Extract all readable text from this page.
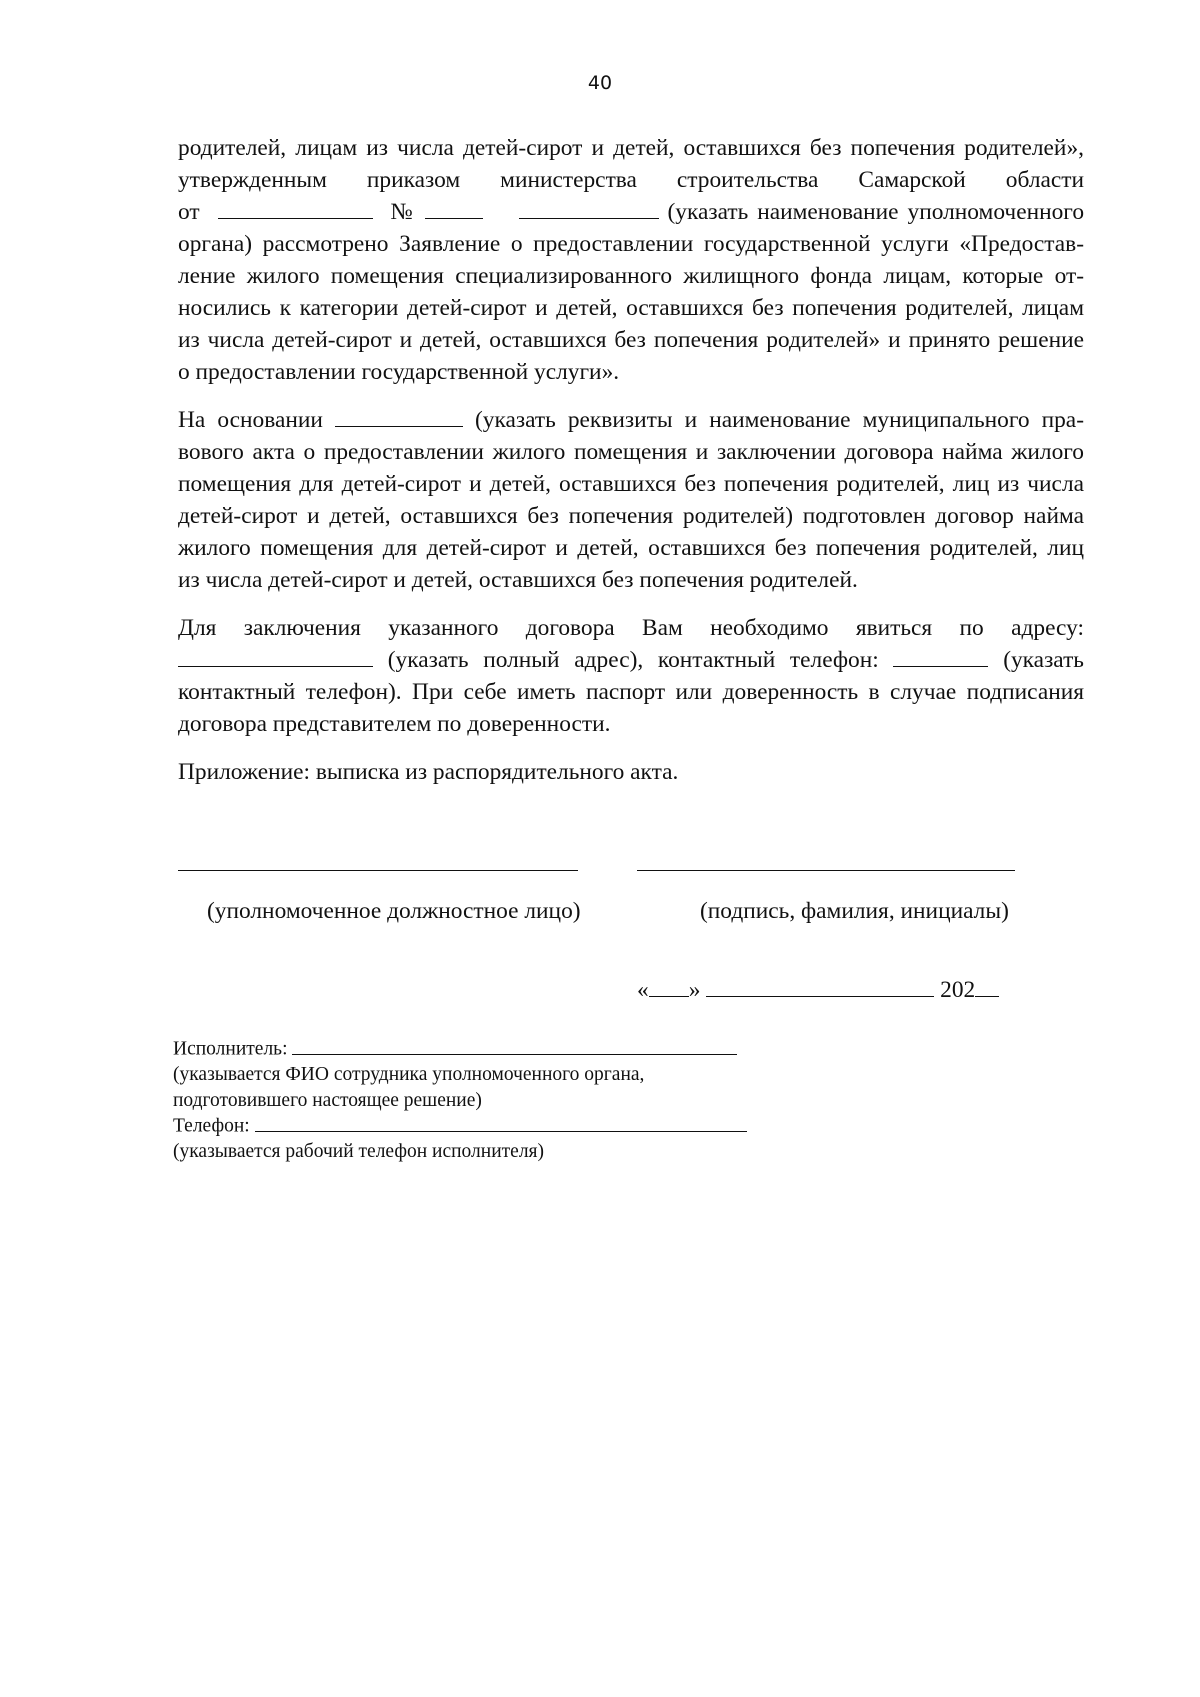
40
родителей, лицам из числа детей-сирот и детей, оставшихся без попечения родителей»,
утвержденным приказом министерства строительства Самарской области
от	№	(указать наименование уполномоченного
органа) рассмотрено Заявление о предоставлении государственной услуги «Предостав-
ление жилого помещения специализированного жилищного фонда лицам, которые от-
носились к категории детей-сирот и детей, оставшихся без попечения родителей, лицам
из числа детей-сирот и детей, оставшихся без попечения родителей» и принято решение
о предоставлении государственной услуги».
На основании	(указать реквизиты и наименование муниципального пра-
вового акта о предоставлении жилого помещения и заключении договора найма жилого
помещения для детей-сирот и детей, оставшихся без попечения родителей, лиц из числа
детей-сирот и детей, оставшихся без попечения родителей) подготовлен договор найма
жилого помещения для детей-сирот и детей, оставшихся без попечения родителей, лиц
из числа детей-сирот и детей, оставшихся без попечения родителей.
Для заключения указанного договора Вам необходимо явиться по адресу:
(указать полный адрес), контактный телефон:	(указать
контактный телефон). При себе иметь паспорт или доверенность в случае подписания
договора представителем по доверенности.
Приложение: выписка из распорядительного акта.
(уполномоченное должностное лицо)	(подпись, фамилия, инициалы)
« »	202
Исполнитель:
(указывается ФИО сотрудника уполномоченного органа,
подготовившего настоящее решение)
Телефон:
(указывается рабочий телефон исполнителя)
